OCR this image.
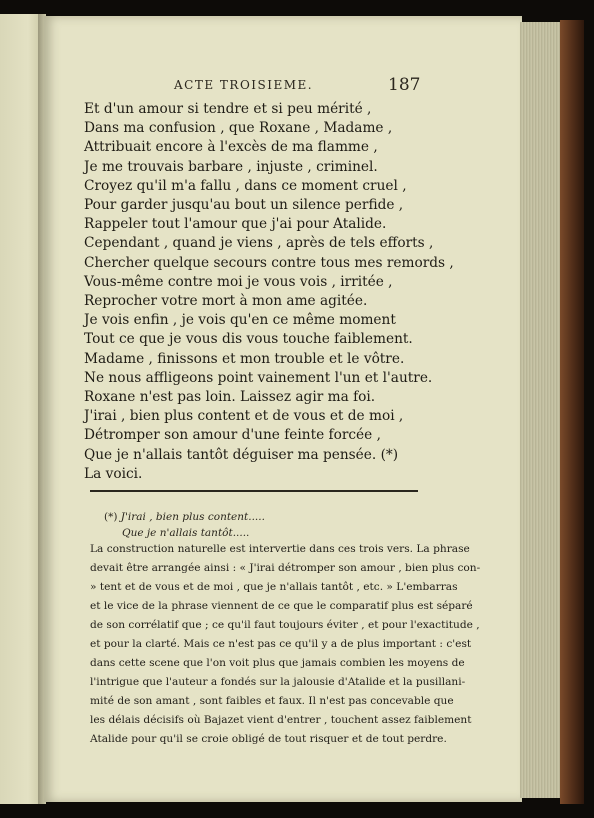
ACTE TROISIEME.	187
Et d'un amour si tendre et si peu mérité ,
Dans ma confusion , que Roxane , Madame ,
Attribuait encore à l'excès de ma flamme ,
Je me trouvais barbare , injuste , criminel.
Croyez qu'il m'a fallu , dans ce moment cruel ,
Pour garder jusqu'au bout un silence perfide ,
Rappeler tout l'amour que j'ai pour Atalide.
Cependant , quand je viens , après de tels efforts ,
Chercher quelque secours contre tous mes remords ,
Vous-même contre moi je vous vois , irritée ,
Reprocher votre mort à mon ame agitée.
Je vois enfin , je vois qu'en ce même moment
Tout ce que je vous dis vous touche faiblement.
Madame , finissons et mon trouble et le vôtre.
Ne nous affligeons point vainement l'un et l'autre.
Roxane n'est pas loin. Laissez agir ma foi.
J'irai , bien plus content et de vous et de moi ,
Détromper son amour d'une feinte forcée ,
Que je n'allais tantôt déguiser ma pensée. (*)
La voici.
(*) J'irai , bien plus content.....
Que je n'allais tantôt.....
La construction naturelle est intervertie dans ces trois vers. La phrase
devait être arrangée ainsi : « J'irai détromper son amour , bien plus con-
» tent et de vous et de moi , que je n'allais tantôt , etc. » L'embarras
et le vice de la phrase viennent de ce que le comparatif plus est séparé
de son corrélatif que ; ce qu'il faut toujours éviter , et pour l'exactitude ,
et pour la clarté. Mais ce n'est pas ce qu'il y a de plus important : c'est
dans cette scene que l'on voit plus que jamais combien les moyens de
l'intrigue que l'auteur a fondés sur la jalousie d'Atalide et la pusillani-
mité de son amant , sont faibles et faux. Il n'est pas concevable que
les délais décisifs où Bajazet vient d'entrer , touchent assez faiblement
Atalide pour qu'il se croie obligé de tout risquer et de tout perdre.
